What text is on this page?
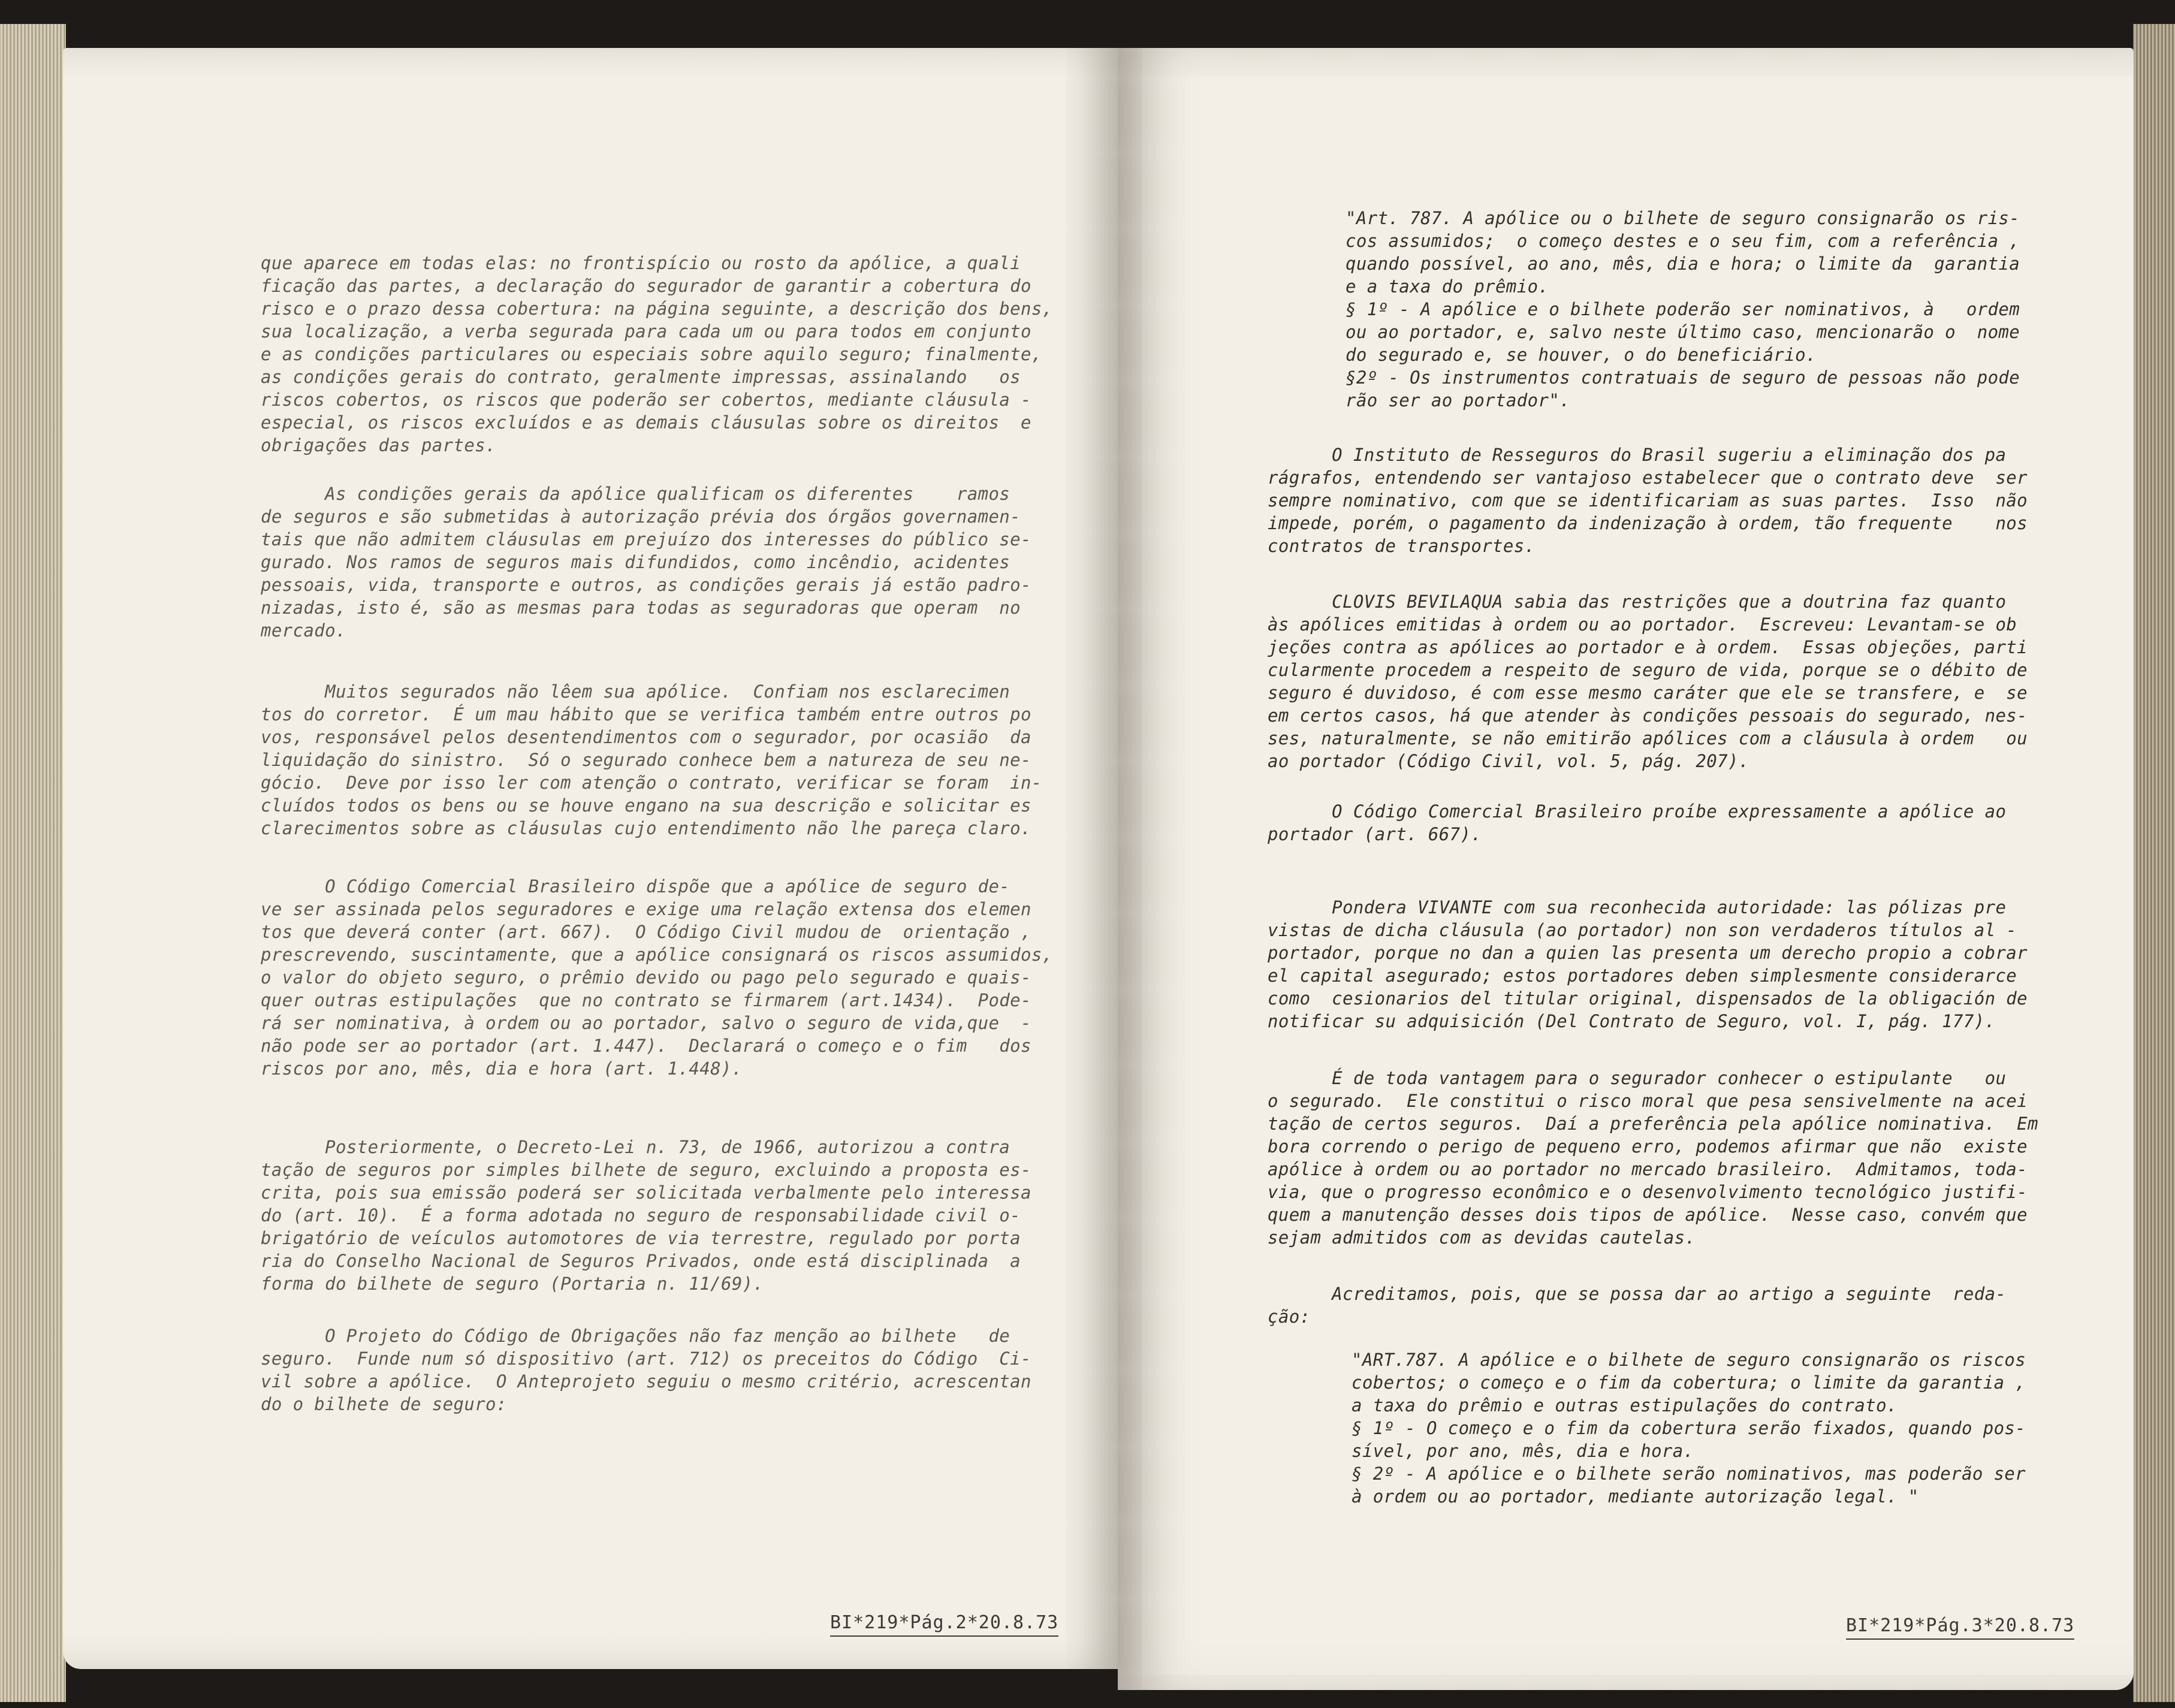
que aparece em todas elas: no frontispício ou rosto da apólice, a quali
ficação das partes, a declaração do segurador de garantir a cobertura do
risco e o prazo dessa cobertura: na página seguinte, a descrição dos bens,
sua localização, a verba segurada para cada um ou para todos em conjunto
e as condições particulares ou especiais sobre aquilo seguro; finalmente,
as condições gerais do contrato, geralmente impressas, assinalando   os
riscos cobertos, os riscos que poderão ser cobertos, mediante cláusula -
especial, os riscos excluídos e as demais cláusulas sobre os direitos  e
obrigações das partes.

As condições gerais da apólice qualificam os diferentes    ramos
de seguros e são submetidas à autorização prévia dos órgãos governamen-
tais que não admitem cláusulas em prejuízo dos interesses do público se-
gurado. Nos ramos de seguros mais difundidos, como incêndio, acidentes
pessoais, vida, transporte e outros, as condições gerais já estão padro-
nizadas, isto é, são as mesmas para todas as seguradoras que operam  no
mercado.

Muitos segurados não lêem sua apólice.  Confiam nos esclarecimen
tos do corretor.  É um mau hábito que se verifica também entre outros po
vos, responsável pelos desentendimentos com o segurador, por ocasião  da
liquidação do sinistro.  Só o segurado conhece bem a natureza de seu ne-
gócio.  Deve por isso ler com atenção o contrato, verificar se foram  in-
cluídos todos os bens ou se houve engano na sua descrição e solicitar es
clarecimentos sobre as cláusulas cujo entendimento não lhe pareça claro.

O Código Comercial Brasileiro dispõe que a apólice de seguro de-
ve ser assinada pelos seguradores e exige uma relação extensa dos elemen
tos que deverá conter (art. 667).  O Código Civil mudou de  orientação ,
prescrevendo, suscintamente, que a apólice consignará os riscos assumidos,
o valor do objeto seguro, o prêmio devido ou pago pelo segurado e quais-
quer outras estipulações  que no contrato se firmarem (art.1434).  Pode-
rá ser nominativa, à ordem ou ao portador, salvo o seguro de vida,que  -
não pode ser ao portador (art. 1.447).  Declarará o começo e o fim   dos
riscos por ano, mês, dia e hora (art. 1.448).

Posteriormente, o Decreto-Lei n. 73, de 1966, autorizou a contra
tação de seguros por simples bilhete de seguro, excluindo a proposta es-
crita, pois sua emissão poderá ser solicitada verbalmente pelo interessa
do (art. 10).  É a forma adotada no seguro de responsabilidade civil o-
brigatório de veículos automotores de via terrestre, regulado por porta
ria do Conselho Nacional de Seguros Privados, onde está disciplinada  a
forma do bilhete de seguro (Portaria n. 11/69).

O Projeto do Código de Obrigações não faz menção ao bilhete   de
seguro.  Funde num só dispositivo (art. 712) os preceitos do Código  Ci-
vil sobre a apólice.  O Anteprojeto seguiu o mesmo critério, acrescentan
do o bilhete de seguro:

BI*219*Pág.2*20.8.73

"Art. 787. A apólice ou o bilhete de seguro consignarão os ris-
cos assumidos;  o começo destes e o seu fim, com a referência ,
quando possível, ao ano, mês, dia e hora; o limite da  garantia
e a taxa do prêmio.
§ 1º - A apólice e o bilhete poderão ser nominativos, à   ordem
ou ao portador, e, salvo neste último caso, mencionarão o  nome
do segurado e, se houver, o do beneficiário.
§2º - Os instrumentos contratuais de seguro de pessoas não pode
rão ser ao portador".

O Instituto de Resseguros do Brasil sugeriu a eliminação dos pa
rágrafos, entendendo ser vantajoso estabelecer que o contrato deve  ser
sempre nominativo, com que se identificariam as suas partes.  Isso  não
impede, porém, o pagamento da indenização à ordem, tão frequente    nos
contratos de transportes.

CLOVIS BEVILAQUA sabia das restrições que a doutrina faz quanto
às apólices emitidas à ordem ou ao portador.  Escreveu: Levantam-se ob
jeções contra as apólices ao portador e à ordem.  Essas objeções, parti
cularmente procedem a respeito de seguro de vida, porque se o débito de
seguro é duvidoso, é com esse mesmo caráter que ele se transfere, e  se
em certos casos, há que atender às condições pessoais do segurado, nes-
ses, naturalmente, se não emitirão apólices com a cláusula à ordem   ou
ao portador (Código Civil, vol. 5, pág. 207).

O Código Comercial Brasileiro proíbe expressamente a apólice ao
portador (art. 667).

Pondera VIVANTE com sua reconhecida autoridade: las pólizas pre
vistas de dicha cláusula (ao portador) non son verdaderos títulos al -
portador, porque no dan a quien las presenta um derecho propio a cobrar
el capital asegurado; estos portadores deben simplesmente considerarce
como  cesionarios del titular original, dispensados de la obligación de
notificar su adquisición (Del Contrato de Seguro, vol. I, pág. 177).

É de toda vantagem para o segurador conhecer o estipulante   ou
o segurado.  Ele constitui o risco moral que pesa sensivelmente na acei
tação de certos seguros.  Daí a preferência pela apólice nominativa.  Em
bora correndo o perigo de pequeno erro, podemos afirmar que não  existe
apólice à ordem ou ao portador no mercado brasileiro.  Admitamos, toda-
via, que o progresso econômico e o desenvolvimento tecnológico justifi-
quem a manutenção desses dois tipos de apólice.  Nesse caso, convém que
sejam admitidos com as devidas cautelas.

Acreditamos, pois, que se possa dar ao artigo a seguinte  reda-
ção:

"ART.787. A apólice e o bilhete de seguro consignarão os riscos
cobertos; o começo e o fim da cobertura; o limite da garantia ,
a taxa do prêmio e outras estipulações do contrato.
§ 1º - O começo e o fim da cobertura serão fixados, quando pos-
sível, por ano, mês, dia e hora.
§ 2º - A apólice e o bilhete serão nominativos, mas poderão ser
à ordem ou ao portador, mediante autorização legal. "

BI*219*Pág.3*20.8.73
